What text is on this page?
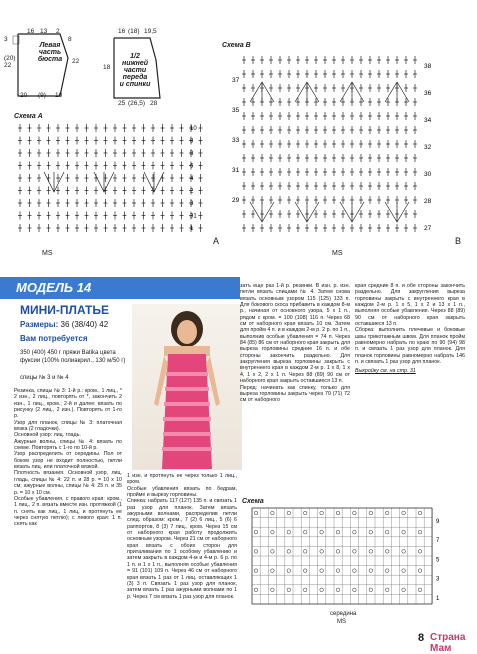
Левая
часть
бюста
3
16 13 2
8
(20)
22
22
20 (9) 10
16 (18) 19,5
18
1/2
нижней
части
переда
и спинки
25 (26,5) 28
Схема А
10
8
8
6
4
2
3
31
1
A
MS
Схема В
37
35
33
31
29
38
36
34
32
30
28
27
B
MS
МОДЕЛЬ 14
МИНИ-ПЛАТЬЕ
Размеры: 36 (38/40) 42
Вам потребуется
350 (400) 450 г пряжи Batika цвета фуксии (100% полиакрил., 130 м/50 г)
спицы № 3 и № 4
Резинка, спицы № 3: 1-й р.: кром., 1 лиц., * 2 изн., 2 лиц., повторять от *, закончить 2 изн., 1 лиц., кром.; 2-й и далее: вязать по рисунку (2 лиц., 2 изн.). Повторять от 1-го р.
Узор для планок, спицы № 3: платочная вязка (2 гладочки).
Основной узор: лиц. гладь.
Ажурные волны, спицы № 4: вязать по схеме. Повторять с 1-го по 10-й р.
Узор распределить от середины. Пол от боком узор не входит полностью, петли вязать лиц. или платочной вязкой.
Плотность вязания. Основной узор, лиц. гладь, спицы № 4: 22 п. и 28 р. = 10 х 10 см; ажурные волны, спицы № 4: 25 п. и 35 р. = 10 х 10 см.
Особые убавления, с правого края: кром., 1 лиц., 2 п. вязать вместе изн. протяжкой (1 п. снять как лиц., 1 лиц. и протянуть ее через снятую петлю); с левого края: 1 п. снять как
1 изн. и протянуть ее через только 1 лиц., кром.
Особые убавления вязать по бедрам, пройме и вырезу горловины.
Спинка: набрать 117 (127) 135 п. и связать 1 раз узор для планок. Затем вязать ажурными волнами, распределив петли след. образом: кром., 7 (2) 6 лиц., 5 (6) 6 раппортов, 8 (3) 7 лиц., кром. Через 15 см от наборного края работу продолжить основным узором. Через 21 см от наборного края вязать с обоих сторон для приталивания по 1 особому убавлению и затем закрыть в каждом 4-м и 4-м р. 6 р. по 1 п. и 1 х 1 п., выполняя особые убавления = 91 (101) 109 п. Через 46 см от наборного края вязать 1 раз от 1 лиц. оставляющих 1 (3) 3 п. Связать 1 раз узор для планок, затем вязать 1 раз ажурными волнами по 1 р. Через 7 см вязать 1 раз узор для планок.
затъ еще раз 1-й р. резинки. В изн. р. изн. петли вязать спицами № 4. Затем снова вязать основным узором 115 (125) 133 п. Для бокового скоса прибавить в каждом 8-м р., начиная от основного узора, 5 х 1 п., рядом с кром. = 100 (108) 116 п. Через 68 см от наборного края вязать 10 см. Затем для пройм 4 п. и в каждом 2-м р. 2 р. по 1 п., выполнив особые убавления = 74 п. Через 84 (85) 86 см от наборного края закрыть для выреза горловины средние 16 п. и обе стороны закончить раздельно. Для закругления выреза горловины закрыть с внутреннего края в каждом 2-м р. 1 х 8, 1 х 4, 1 х 2, 2 х 1 п. Через 88 (89) 90 см от наборного края закрыть оставшиеся 13 п.
Перед: начинать как спинку, только для выреза горловины закрыть через 70 (71) 72 см от наборного
края средние 8 п. и обе стороны закончить раздельно. Для закругления выреза горловины закрыть с внутреннего края в каждом 2-м р. 1 х 5, 1 х 2 и 13 х 1 п., выполняя особые убавления. Через 88 (89) 90 см от наборного края закрыть оставшиеся 13 п.
Сборка: выполнить плечевые и боковые швы трикотажным швом. Для планок пройм равномерно набрать по краю по 90 (94) 98 п. и связать 1 раз узор для планок. Для планок горловины равномерно набрать 146 п. и связать 1 раз узор для планок.
Выкройку см. на стр. 31
Схема
9
7
5
3
1
середина
MS
8 Страна Мам
